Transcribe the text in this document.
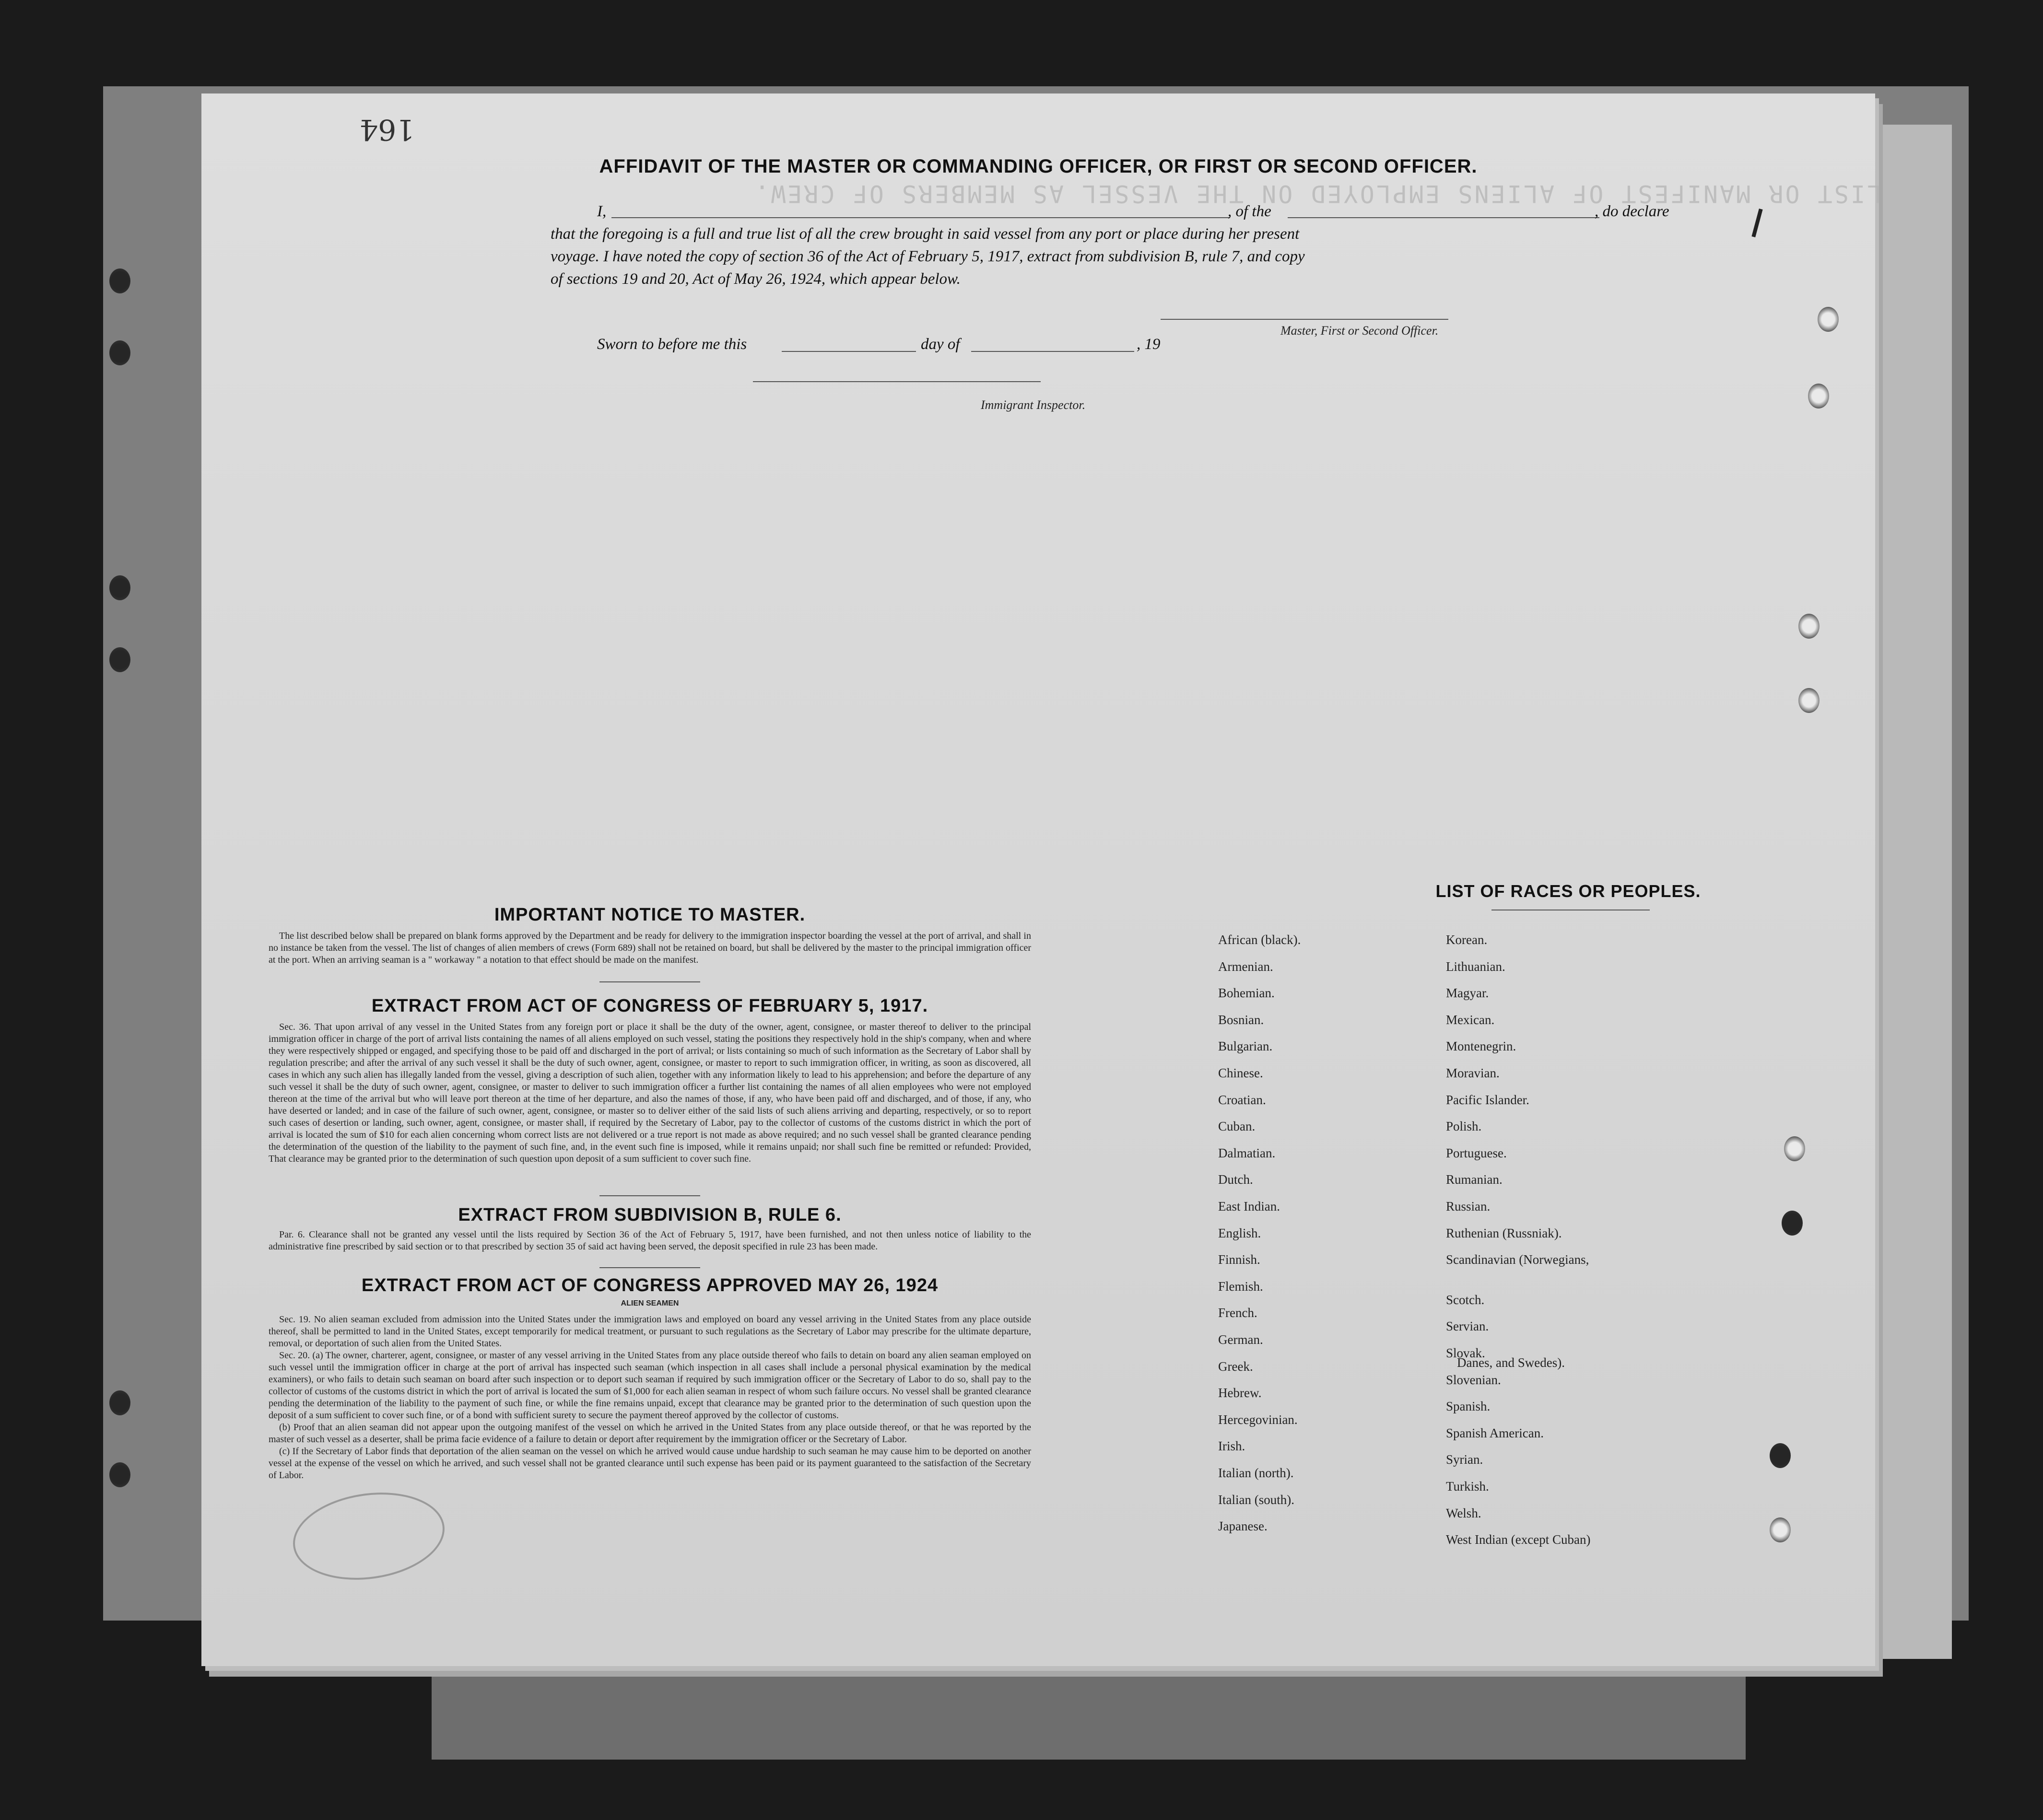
LIST OR MANIFEST OF ALIENS EMPLOYED ON THE VESSEL AS MEMBERS OF CREW.
164
AFFIDAVIT OF THE MASTER OR COMMANDING OFFICER, OR FIRST OR SECOND OFFICER.
I,	, of the	, do declare
that the foregoing is a full and true list of all the crew brought in said vessel from any port or place during her present
voyage. I have noted the copy of section 36 of the Act of February 5, 1917, extract from subdivision B, rule 7, and copy
of sections 19 and 20, Act of May 26, 1924, which appear below.
Master, First or Second Officer.
Sworn to before me this	day of	, 19
Immigrant Inspector.
IMPORTANT NOTICE TO MASTER.

The list described below shall be prepared on blank forms approved by the Department and be ready for delivery to the immigration inspector boarding the vessel at the port of arrival, and shall in no instance be taken from the vessel. The list of changes of alien members of crews (Form 689) shall not be retained on board, but shall be delivered by the master to the principal immigration officer at the port. When an arriving seaman is a " workaway " a notation to that effect should be made on the manifest.

EXTRACT FROM ACT OF CONGRESS OF FEBRUARY 5, 1917.

Sec. 36. That upon arrival of any vessel in the United States from any foreign port or place it shall be the duty of the owner, agent, consignee, or master thereof to deliver to the principal immigration officer in charge of the port of arrival lists containing the names of all aliens employed on such vessel, stating the positions they respectively hold in the ship's company, when and where they were respectively shipped or engaged, and specifying those to be paid off and discharged in the port of arrival; or lists containing so much of such information as the Secretary of Labor shall by regulation prescribe; and after the arrival of any such vessel it shall be the duty of such owner, agent, consignee, or master to report to such immigration officer, in writing, as soon as discovered, all cases in which any such alien has illegally landed from the vessel, giving a description of such alien, together with any information likely to lead to his apprehension; and before the departure of any such vessel it shall be the duty of such owner, agent, consignee, or master to deliver to such immigration officer a further list containing the names of all alien employees who were not employed thereon at the time of the arrival but who will leave port thereon at the time of her departure, and also the names of those, if any, who have been paid off and discharged, and of those, if any, who have deserted or landed; and in case of the failure of such owner, agent, consignee, or master so to deliver either of the said lists of such aliens arriving and departing, respectively, or so to report such cases of desertion or landing, such owner, agent, consignee, or master shall, if required by the Secretary of Labor, pay to the collector of customs of the customs district in which the port of arrival is located the sum of $10 for each alien concerning whom correct lists are not delivered or a true report is not made as above required; and no such vessel shall be granted clearance pending the determination of the question of the liability to the payment of such fine, and, in the event such fine is imposed, while it remains unpaid; nor shall such fine be remitted or refunded: Provided, That clearance may be granted prior to the determination of such question upon deposit of a sum sufficient to cover such fine.

EXTRACT FROM SUBDIVISION B, RULE 6.

Par. 6. Clearance shall not be granted any vessel until the lists required by Section 36 of the Act of February 5, 1917, have been furnished, and not then unless notice of liability to the administrative fine prescribed by said section or to that prescribed by section 35 of said act having been served, the deposit specified in rule 23 has been made.

EXTRACT FROM ACT OF CONGRESS APPROVED MAY 26, 1924
ALIEN SEAMEN

Sec. 19. No alien seaman excluded from admission into the United States under the immigration laws and employed on board any vessel arriving in the United States from any place outside thereof, shall be permitted to land in the United States, except temporarily for medical treatment, or pursuant to such regulations as the Secretary of Labor may prescribe for the ultimate departure, removal, or deportation of such alien from the United States.

Sec. 20. (a) The owner, charterer, agent, consignee, or master of any vessel arriving in the United States from any place outside thereof who fails to detain on board any alien seaman employed on such vessel until the immigration officer in charge at the port of arrival has inspected such seaman (which inspection in all cases shall include a personal physical examination by the medical examiners), or who fails to detain such seaman on board after such inspection or to deport such seaman if required by such immigration officer or the Secretary of Labor to do so, shall pay to the collector of customs of the customs district in which the port of arrival is located the sum of $1,000 for each alien seaman in respect of whom such failure occurs. No vessel shall be granted clearance pending the determination of the liability to the payment of such fine, or while the fine remains unpaid, except that clearance may be granted prior to the determination of such question upon the deposit of a sum sufficient to cover such fine, or of a bond with sufficient surety to secure the payment thereof approved by the collector of customs.

(b) Proof that an alien seaman did not appear upon the outgoing manifest of the vessel on which he arrived in the United States from any place outside thereof, or that he was reported by the master of such vessel as a deserter, shall be prima facie evidence of a failure to detain or deport after requirement by the immigration officer or the Secretary of Labor.

(c) If the Secretary of Labor finds that deportation of the alien seaman on the vessel on which he arrived would cause undue hardship to such seaman he may cause him to be deported on another vessel at the expense of the vessel on which he arrived, and such vessel shall not be granted clearance until such expense has been paid or its payment guaranteed to the satisfaction of the Secretary of Labor.

LIST OF RACES OR PEOPLES.
Danes, and Swedes).
African (black).
Armenian.
Bohemian.
Bosnian.
Bulgarian.
Chinese.
Croatian.
Cuban.
Dalmatian.
Dutch.
East Indian.
English.
Finnish.
Flemish.
French.
German.
Greek.
Hebrew.
Hercegovinian.
Irish.
Italian (north).
Italian (south).
Japanese.
Korean.
Lithuanian.
Magyar.
Mexican.
Montenegrin.
Moravian.
Pacific Islander.
Polish.
Portuguese.
Rumanian.
Russian.
Ruthenian (Russniak).
Scandinavian (Norwegians,
Scotch.
Servian.
Slovak.
Slovenian.
Spanish.
Spanish American.
Syrian.
Turkish.
Welsh.
West Indian (except Cuban)
